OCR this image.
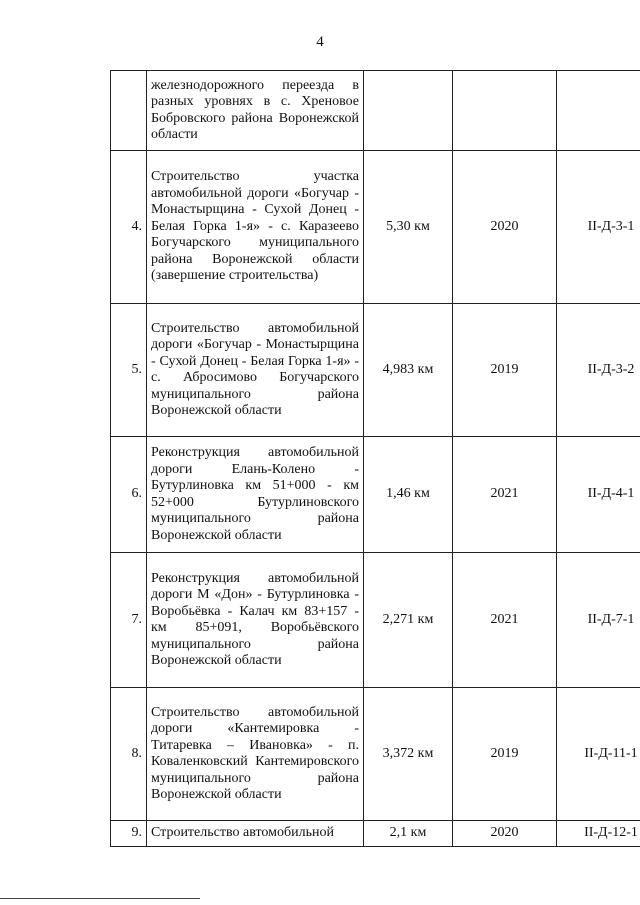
4
	железнодорожного переезда в разных уровнях в с. Хреновое Бобровского района Воронежской области			
4.	Строительство участка автомобильной дороги «Богучар - Монастырщина - Сухой Донец - Белая Горка 1-я» - с. Каразеево Богучарского муниципального района Воронежской области (завершение строительства)	5,30 км	2020	II-Д-3-1
5.	Строительство автомобильной дороги «Богучар - Монастырщина - Сухой Донец - Белая Горка 1-я» - с. Абросимово Богучарского муниципального района Воронежской области	4,983 км	2019	II-Д-3-2
6.	Реконструкция автомобильной дороги Елань-Колено - Бутурлиновка км 51+000 - км 52+000 Бутурлиновского муниципального района Воронежской области	1,46 км	2021	II-Д-4-1
7.	Реконструкция автомобильной дороги М «Дон» - Бутурлиновка - Воробьёвка - Калач км 83+157 - км 85+091, Воробьёвского муниципального района Воронежской области	2,271 км	2021	II-Д-7-1
8.	Строительство автомобильной дороги «Кантемировка - Титаревка – Ивановка» - п. Коваленковский Кантемировского муниципального района Воронежской области	3,372 км	2019	II-Д-11-1
9.	Строительство автомобильной	2,1 км	2020	II-Д-12-1
